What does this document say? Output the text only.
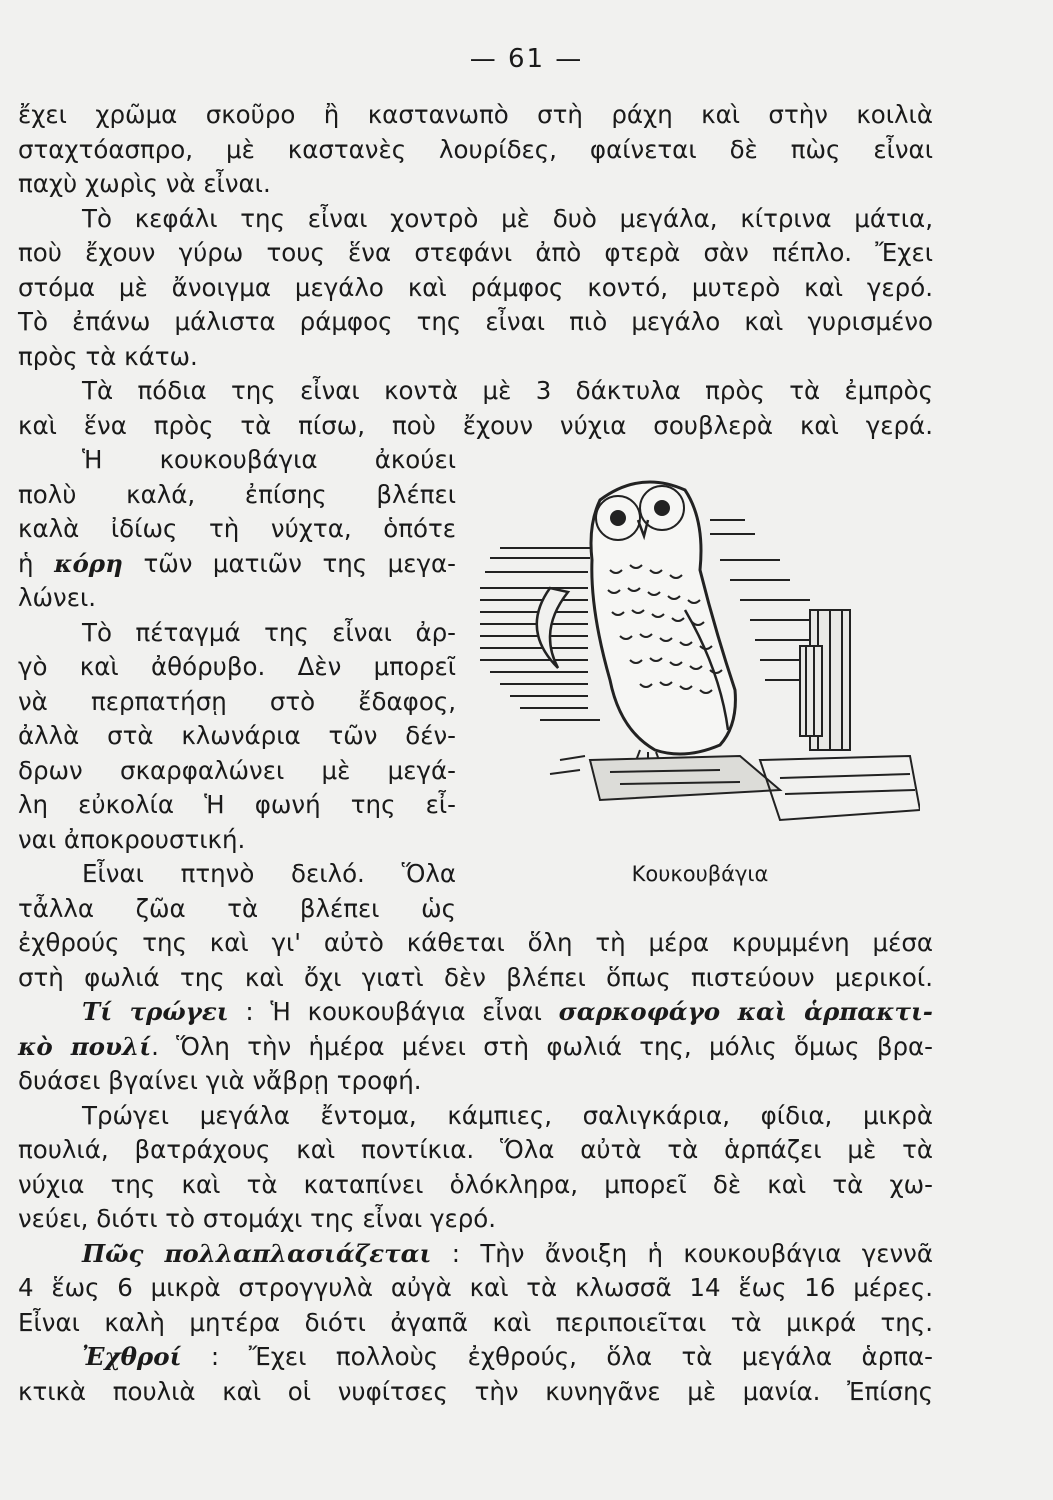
— 61 —

ἔχει χρῶμα σκοῦρο ἢ καστανωπὸ στὴ ράχη καὶ στὴν κοιλιὰ

σταχτόασπρο, μὲ καστανὲς λουρίδες, φαίνεται δὲ πὼς εἶναι

παχὺ χωρὶς νὰ εἶναι.

Τὸ κεφάλι της εἶναι χοντρὸ μὲ δυὸ μεγάλα, κίτρινα μάτια,

ποὺ ἔχουν γύρω τους ἕνα στεφάνι ἀπὸ φτερὰ σὰν πέπλο. Ἔχει

στόμα μὲ ἄνοιγμα μεγάλο καὶ ράμφος κοντό, μυτερὸ καὶ γερό.

Τὸ ἐπάνω μάλιστα ράμφος της εἶναι πιὸ μεγάλο καὶ γυρισμένο

πρὸς τὰ κάτω.

Τὰ πόδια της εἶναι κοντὰ μὲ 3 δάκτυλα πρὸς τὰ ἐμπρὸς

καὶ ἕνα πρὸς τὰ πίσω, ποὺ ἔχουν νύχια σουβλερὰ καὶ γερά.

Ἡ κουκουβάγια ἀκούει

πολὺ καλά, ἐπίσης βλέπει

καλὰ ἰδίως τὴ νύχτα, ὁπότε

ἡ κόρη τῶν ματιῶν της μεγα-

λώνει.

Τὸ πέταγμά της εἶναι ἀρ-

γὸ καὶ ἀθόρυβο. Δὲν μπορεῖ

νὰ περπατήσῃ στὸ ἔδαφος,

ἀλλὰ στὰ κλωνάρια τῶν δέν-

δρων σκαρφαλώνει μὲ μεγά-

λη εὐκολία Ἡ φωνή της εἶ-

ναι ἀποκρουστική.

Εἶναι πτηνὸ δειλό. Ὅλα

τἆλλα ζῶα τὰ βλέπει ὡς

Κουκουβάγια

ἐχθρούς της καὶ γι' αὐτὸ κάθεται ὅλη τὴ μέρα κρυμμένη μέσα

στὴ φωλιά της καὶ ὄχι γιατὶ δὲν βλέπει ὅπως πιστεύουν μερικοί.

Τί τρώγει : Ἡ κουκουβάγια εἶναι σαρκοφάγο καὶ ἁρπακτι-

κὸ πουλί. Ὅλη τὴν ἡμέρα μένει στὴ φωλιά της, μόλις ὅμως βρα-

δυάσει βγαίνει γιὰ νἄβρῃ τροφή.

Τρώγει μεγάλα ἔντομα, κάμπιες, σαλιγκάρια, φίδια, μικρὰ

πουλιά, βατράχους καὶ ποντίκια. Ὅλα αὐτὰ τὰ ἁρπάζει μὲ τὰ

νύχια της καὶ τὰ καταπίνει ὁλόκληρα, μπορεῖ δὲ καὶ τὰ χω-

νεύει, διότι τὸ στομάχι της εἶναι γερό.

Πῶς πολλαπλασιάζεται : Τὴν ἄνοιξη ἡ κουκουβάγια γεννᾶ

4 ἕως 6 μικρὰ στρογγυλὰ αὐγὰ καὶ τὰ κλωσσᾶ 14 ἕως 16 μέρες.

Εἶναι καλὴ μητέρα διότι ἀγαπᾶ καὶ περιποιεῖται τὰ μικρά της.

Ἐχθροί : Ἔχει πολλοὺς ἐχθρούς, ὅλα τὰ μεγάλα ἁρπα-

κτικὰ πουλιὰ καὶ οἱ νυφίτσες τὴν κυνηγᾶνε μὲ μανία. Ἐπίσης
